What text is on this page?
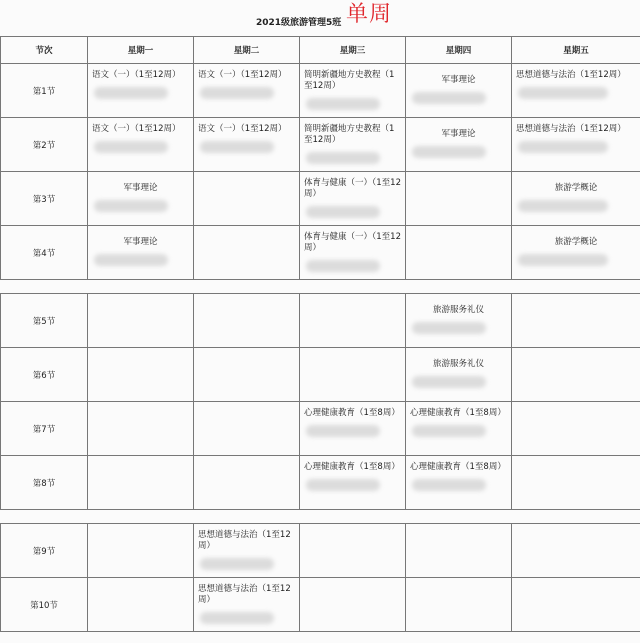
2021级旅游管理5班 单周
节次	星期一	星期二	星期三	星期四	星期五
第1节	语文（一）（1至12周）	语文（一）（1至12周）	简明新疆地方史教程（1至12周）	军事理论	思想道德与法治（1至12周）

第2节	语文（一）（1至12周）	语文（一）（1至12周）	简明新疆地方史教程（1至12周）	军事理论	思想道德与法治（1至12周）

第3节	军事理论		体育与健康（一）（1至12周）		旅游学概论

第4节	军事理论		体育与健康（一）（1至12周）		旅游学概论

第5节				旅游服务礼仪	

第6节				旅游服务礼仪	

第7节			心理健康教育（1至8周）	心理健康教育（1至8周）	

第8节			心理健康教育（1至8周）	心理健康教育（1至8周）	

第9节		思想道德与法治（1至12周）			

第10节		思想道德与法治（1至12周）			
